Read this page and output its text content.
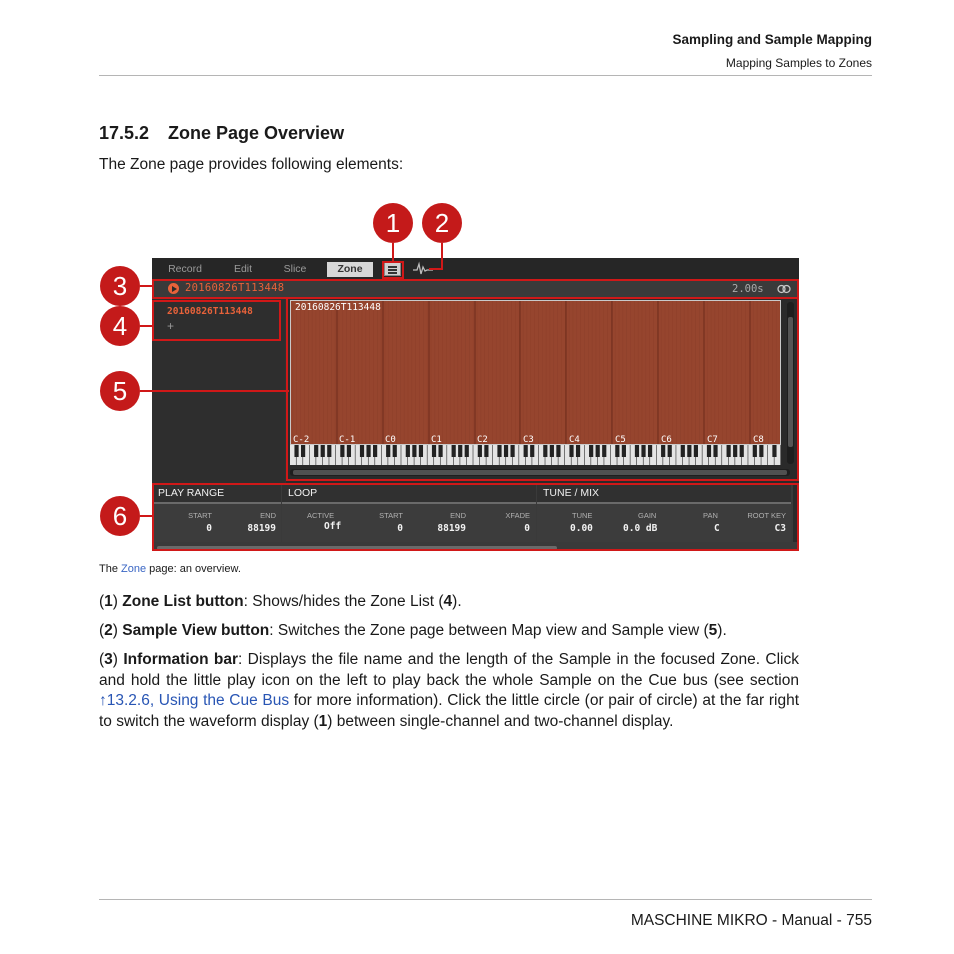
Sampling and Sample Mapping
Mapping Samples to Zones
17.5.2 Zone Page Overview
The Zone page provides following elements:
Record	Edit	Slice	Zone
20160826T113448	2.00s
20160826T113448
+
20160826T113448
C-2	C-1	C0	C1	C2	C3	C4	C5	C6	C7	C8
PLAY RANGE
START
0
END
88199
LOOP
ACTIVE
Off
START
0
END
88199
XFADE
0
TUNE / MIX
TUNE
0.00
GAIN
0.0 dB
PAN
C
ROOT KEY
C3
1	2
3
4
5
6
The Zone page: an overview.
(1) Zone List button: Shows/hides the Zone List (4).
(2) Sample View button: Switches the Zone page between Map view and Sample view (5).
(3) Information bar: Displays the file name and the length of the Sample in the focused Zone. Click and hold the little play icon on the left to play back the whole Sample on the Cue bus (see section ↑13.2.6, Using the Cue Bus for more information). Click the little circle (or pair of circle) at the far right to switch the waveform display (1) between single-channel and two-channel display.
MASCHINE MIKRO - Manual - 755
